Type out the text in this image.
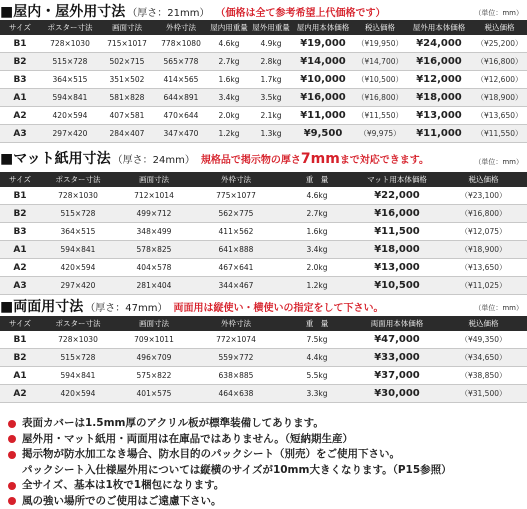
■屋内・屋外用寸法 （厚さ：21mm） （価格は全て参考希望上代価格です）	（単位：mm）
サイズ	ポスター寸法	画面寸法	外枠寸法	屋内用重量	屋外用重量	屋内用本体価格	税込価格	屋外用本体価格	税込価格
B1	728×1030	715×1017	778×1080	4.6kg	4.9kg	¥19,000	（¥19,950）	¥24,000	（¥25,200）
B2	515×728	502×715	565×778	2.7kg	2.8kg	¥14,000	（¥14,700）	¥16,000	（¥16,800）
B3	364×515	351×502	414×565	1.6kg	1.7kg	¥10,000	（¥10,500）	¥12,000	（¥12,600）
A1	594×841	581×828	644×891	3.4kg	3.5kg	¥16,000	（¥16,800）	¥18,000	（¥18,900）
A2	420×594	407×581	470×644	2.0kg	2.1kg	¥11,000	（¥11,550）	¥13,000	（¥13,650）
A3	297×420	284×407	347×470	1.2kg	1.3kg	¥9,500	（¥9,975）	¥11,000	（¥11,550）
■マット紙用寸法 （厚さ：24mm） 規格品で掲示物の厚さ7mmまで対応できます。	（単位：mm）
サイズ	ポスター寸法	画面寸法	外枠寸法	重　量	マット用本体価格	税込価格
B1	728×1030	712×1014	775×1077	4.6kg	¥22,000	（¥23,100）
B2	515×728	499×712	562×775	2.7kg	¥16,000	（¥16,800）
B3	364×515	348×499	411×562	1.6kg	¥11,500	（¥12,075）
A1	594×841	578×825	641×888	3.4kg	¥18,000	（¥18,900）
A2	420×594	404×578	467×641	2.0kg	¥13,000	（¥13,650）
A3	297×420	281×404	344×467	1.2kg	¥10,500	（¥11,025）
■両面用寸法 （厚さ：47mm） 両面用は縦使い・横使いの指定をして下さい。	（単位：mm）
サイズ	ポスター寸法	画面寸法	外枠寸法	重　量	両面用本体価格	税込価格
B1	728×1030	709×1011	772×1074	7.5kg	¥47,000	（¥49,350）
B2	515×728	496×709	559×772	4.4kg	¥33,000	（¥34,650）
A1	594×841	575×822	638×885	5.5kg	¥37,000	（¥38,850）
A2	420×594	401×575	464×638	3.3kg	¥30,000	（¥31,500）
表面カバーは1.5mm厚のアクリル板が標準装備してあります。
屋外用・マット紙用・両面用は在庫品ではありません。（短納期生産）
掲示物が防水加工なき場合、防水目的のパックシート（別売）をご使用下さい。
パックシート入仕様屋外用については縦横のサイズが10mm大きくなります。（P15参照）
全サイズ、基本は1枚で1梱包になります。
風の強い場所でのご使用はご遠慮下さい。
